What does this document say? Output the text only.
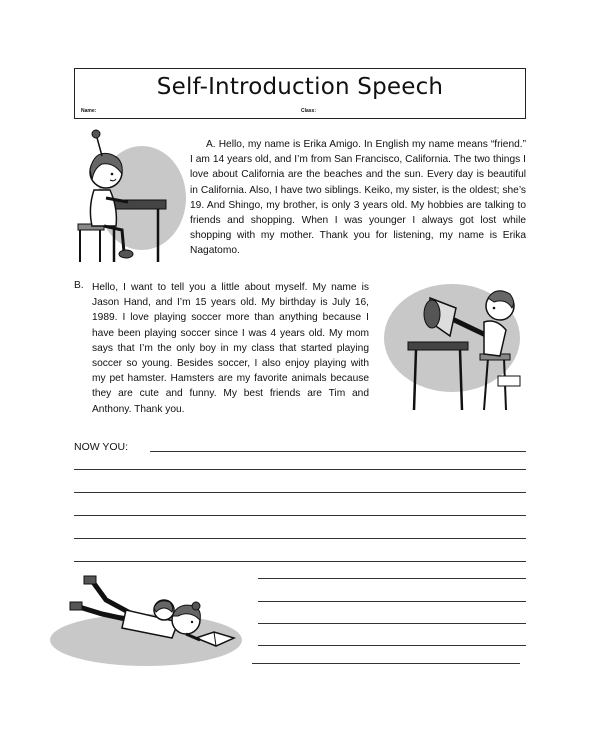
Self-Introduction Speech
Name:	Class:
A. Hello, my name is Erika Amigo. In English my name means “friend.” I am 14 years old, and I’m from San Francisco, California. The two things I love about California are the beaches and the sun. Every day is beautiful in California. Also, I have two siblings. Keiko, my sister, is the oldest; she’s 19. And Shingo, my brother, is only 3 years old. My hobbies are talking to friends and shopping. When I was younger I always got lost while shopping with my mother. Thank you for listening, my name is Erika Nagatomo.
B. Hello, I want to tell you a little about myself. My name is Jason Hand, and I’m 15 years old. My birthday is July 16, 1989. I love playing soccer more than anything because I have been playing soccer since I was 4 years old. My mom says that I’m the only boy in my class that started playing soccer so young. Besides soccer, I also enjoy playing with my pet hamster. Hamsters are my favorite animals because they are cute and funny. My best friends are Tim and Anthony. Thank you.
NOW YOU:
